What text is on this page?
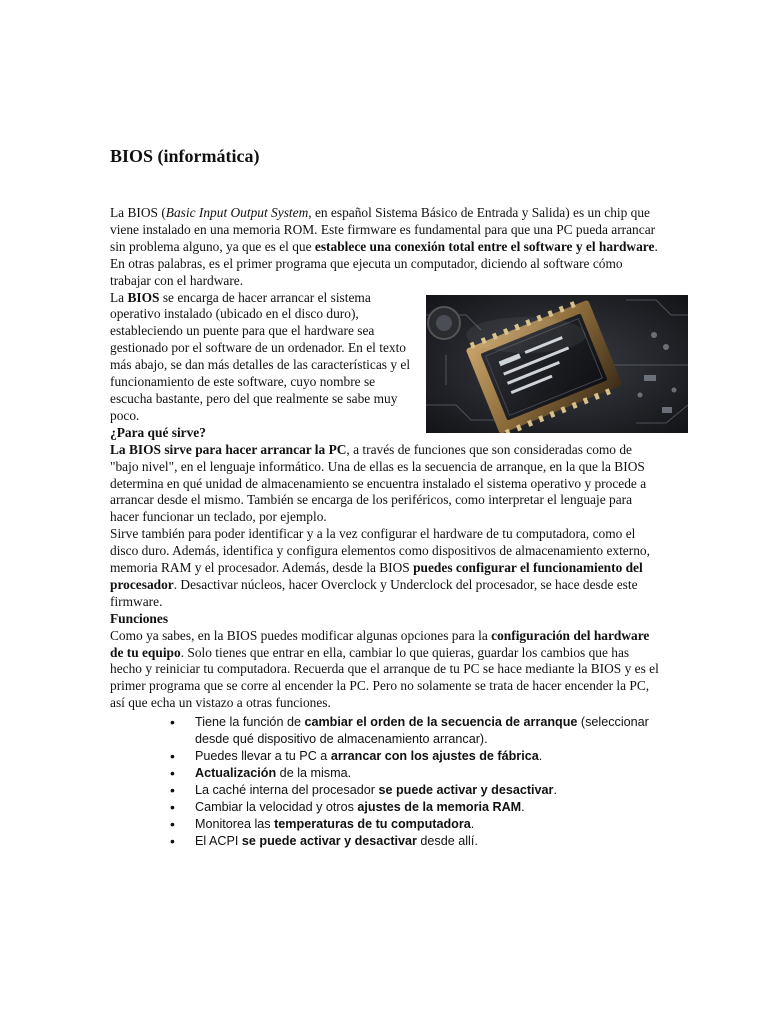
BIOS (informática)

La BIOS (Basic Input Output System, en español Sistema Básico de Entrada y Salida) es un chip que viene instalado en una memoria ROM. Este firmware es fundamental para que una PC pueda arrancar sin problema alguno, ya que es el que establece una conexión total entre el software y el hardware. En otras palabras, es el primer programa que ejecuta un computador, diciendo al software cómo trabajar con el hardware.

La BIOS se encarga de hacer arrancar el sistema operativo instalado (ubicado en el disco duro), estableciendo un puente para que el hardware sea gestionado por el software de un ordenador. En el texto más abajo, se dan más detalles de las características y el funcionamiento de este software, cuyo nombre se escucha bastante, pero del que realmente se sabe muy poco.

¿Para qué sirve?

La BIOS sirve para hacer arrancar la PC, a través de funciones que son consideradas como de "bajo nivel", en el lenguaje informático. Una de ellas es la secuencia de arranque, en la que la BIOS determina en qué unidad de almacenamiento se encuentra instalado el sistema operativo y procede a arrancar desde el mismo. También se encarga de los periféricos, como interpretar el lenguaje para hacer funcionar un teclado, por ejemplo.

Sirve también para poder identificar y a la vez configurar el hardware de tu computadora, como el disco duro. Además, identifica y configura elementos como dispositivos de almacenamiento externo, memoria RAM y el procesador. Además, desde la BIOS puedes configurar el funcionamiento del procesador. Desactivar núcleos, hacer Overclock y Underclock del procesador, se hace desde este firmware.

Funciones

Como ya sabes, en la BIOS puedes modificar algunas opciones para la configuración del hardware de tu equipo. Solo tienes que entrar en ella, cambiar lo que quieras, guardar los cambios que has hecho y reiniciar tu computadora. Recuerda que el arranque de tu PC se hace mediante la BIOS y es el primer programa que se corre al encender la PC. Pero no solamente se trata de hacer encender la PC, así que echa un vistazo a otras funciones.

• Tiene la función de cambiar el orden de la secuencia de arranque (seleccionar desde qué dispositivo de almacenamiento arrancar).
• Puedes llevar a tu PC a arrancar con los ajustes de fábrica.
• Actualización de la misma.
• La caché interna del procesador se puede activar y desactivar.
• Cambiar la velocidad y otros ajustes de la memoria RAM.
• Monitorea las temperaturas de tu computadora.
• El ACPI se puede activar y desactivar desde allí.
